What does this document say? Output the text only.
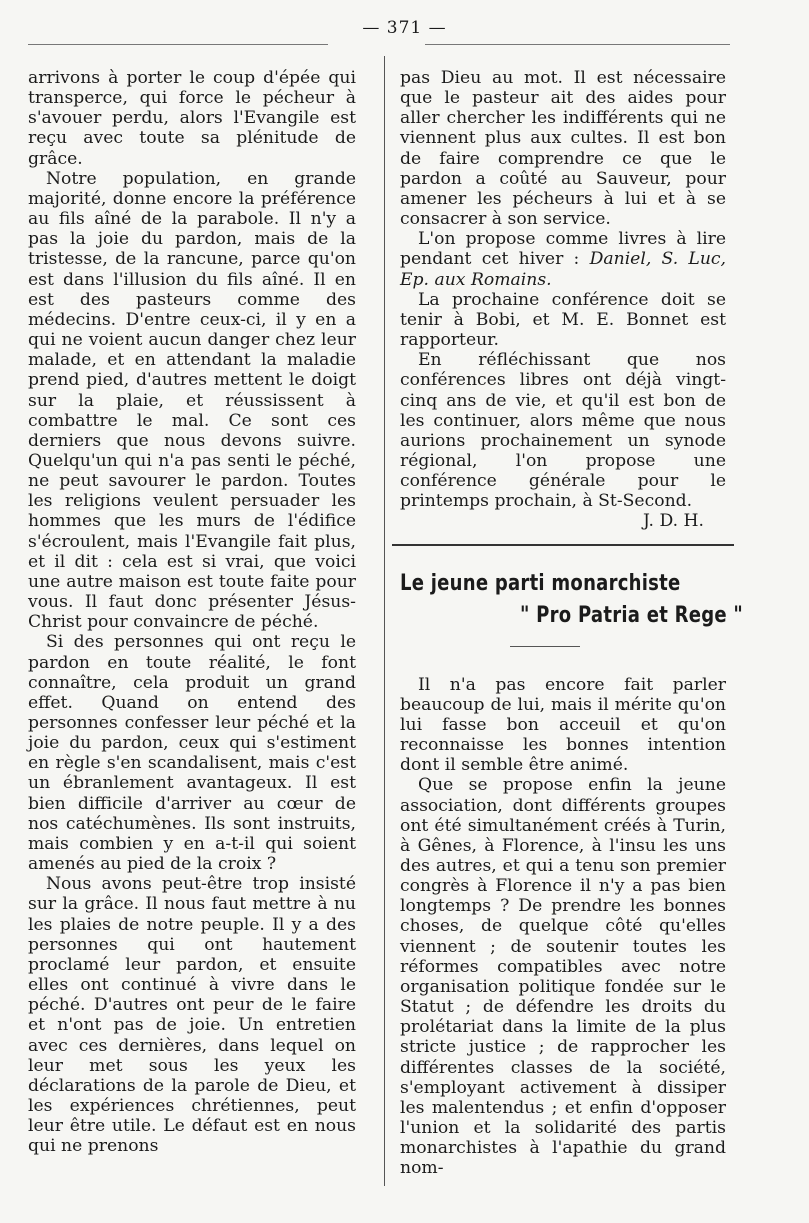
— 371 —

arrivons à porter le coup d'épée qui transperce, qui force le pécheur à s'avouer perdu, alors l'Evangile est reçu avec toute sa plénitude de grâce.

Notre population, en grande majorité, donne encore la préférence au fils aîné de la parabole. Il n'y a pas la joie du pardon, mais de la tristesse, de la rancune, parce qu'on est dans l'illusion du fils aîné. Il en est des pasteurs comme des médecins. D'entre ceux-ci, il y en a qui ne voient aucun danger chez leur malade, et en attendant la maladie prend pied, d'autres mettent le doigt sur la plaie, et réussissent à combattre le mal. Ce sont ces derniers que nous devons suivre. Quelqu'un qui n'a pas senti le péché, ne peut savourer le pardon. Toutes les religions veulent persuader les hommes que les murs de l'édifice s'écroulent, mais l'Evangile fait plus, et il dit : cela est si vrai, que voici une autre maison est toute faite pour vous. Il faut donc présenter Jésus-Christ pour convaincre de péché.

Si des personnes qui ont reçu le pardon en toute réalité, le font connaître, cela produit un grand effet. Quand on entend des personnes confesser leur péché et la joie du pardon, ceux qui s'estiment en règle s'en scandalisent, mais c'est un ébranlement avantageux. Il est bien difficile d'arriver au cœur de nos catéchumènes. Ils sont instruits, mais combien y en a-t-il qui soient amenés au pied de la croix ?

Nous avons peut-être trop insisté sur la grâce. Il nous faut mettre à nu les plaies de notre peuple. Il y a des personnes qui ont hautement proclamé leur pardon, et ensuite elles ont continué à vivre dans le péché. D'autres ont peur de le faire et n'ont pas de joie. Un entretien avec ces dernières, dans lequel on leur met sous les yeux les déclarations de la parole de Dieu, et les expériences chrétiennes, peut leur être utile. Le défaut est en nous qui ne prenons

pas Dieu au mot. Il est nécessaire que le pasteur ait des aides pour aller chercher les indifférents qui ne viennent plus aux cultes. Il est bon de faire comprendre ce que le pardon a coûté au Sauveur, pour amener les pécheurs à lui et à se consacrer à son service.

L'on propose comme livres à lire pendant cet hiver : Daniel, S. Luc, Ep. aux Romains.

La prochaine conférence doit se tenir à Bobi, et M. E. Bonnet est rapporteur.

En réfléchissant que nos conférences libres ont déjà vingt-cinq ans de vie, et qu'il est bon de les continuer, alors même que nous aurions prochainement un synode régional, l'on propose une conférence générale pour le printemps prochain, à St-Second.

J. D. H.
Le jeune parti monarchiste
" Pro Patria et Rege "

Il n'a pas encore fait parler beaucoup de lui, mais il mérite qu'on lui fasse bon acceuil et qu'on reconnaisse les bonnes intention dont il semble être animé.

Que se propose enfin la jeune association, dont différents groupes ont été simultanément créés à Turin, à Gênes, à Florence, à l'insu les uns des autres, et qui a tenu son premier congrès à Florence il n'y a pas bien longtemps ? De prendre les bonnes choses, de quelque côté qu'elles viennent ; de soutenir toutes les réformes compatibles avec notre organisation politique fondée sur le Statut ; de défendre les droits du prolétariat dans la limite de la plus stricte justice ; de rapprocher les différentes classes de la société, s'employant activement à dissiper les malentendus ; et enfin d'opposer l'union et la solidarité des partis monarchistes à l'apathie du grand nom-
